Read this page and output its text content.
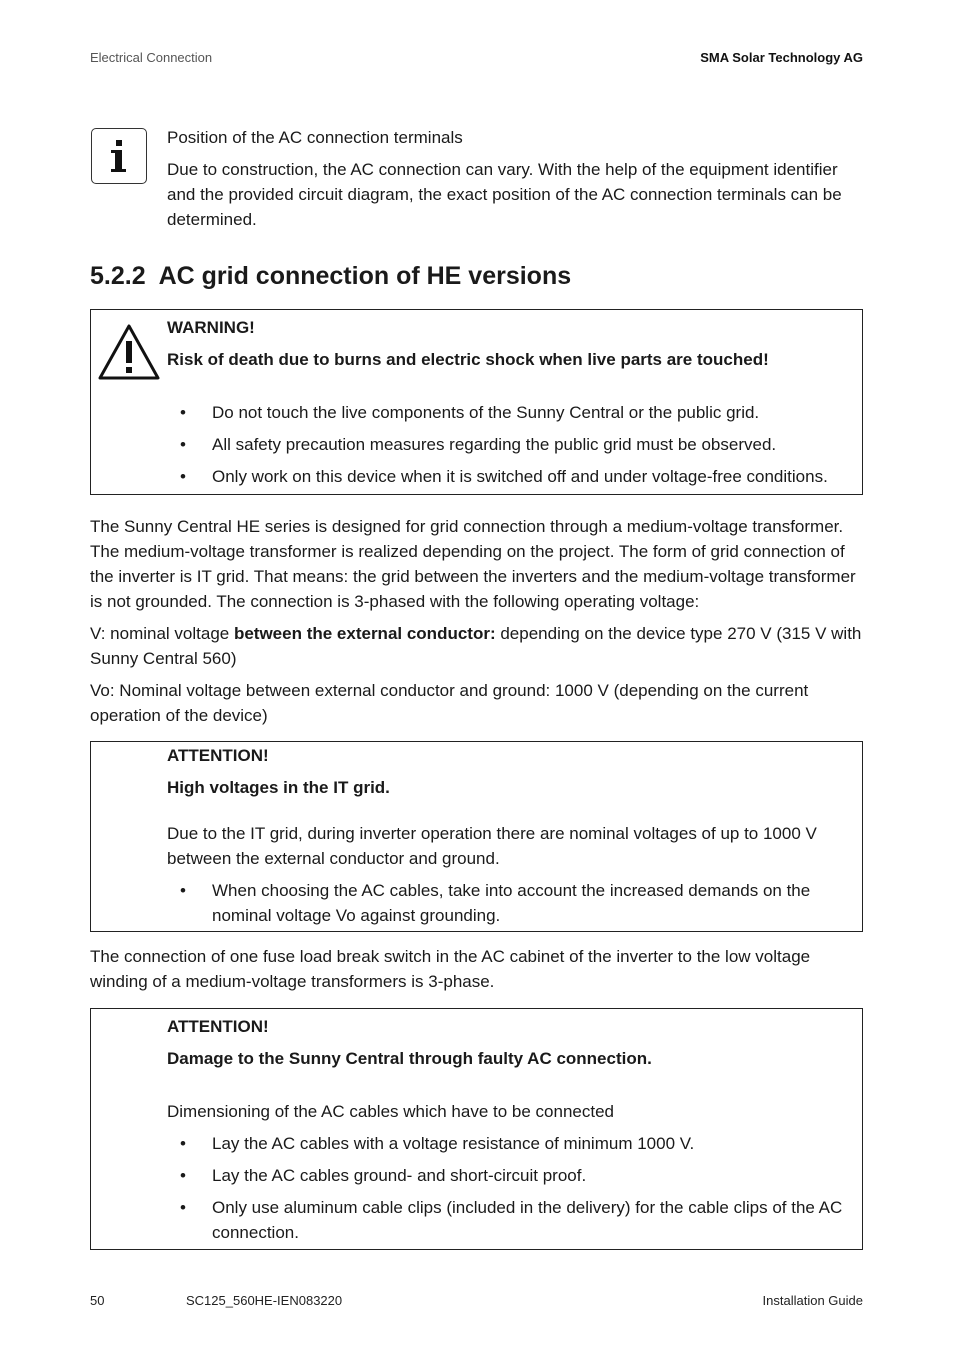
Electrical Connection	SMA Solar Technology AG
Position of the AC connection terminals
Due to construction, the AC connection can vary. With the help of the equipment identifier and the provided circuit diagram, the exact position of the AC connection terminals can be determined.
5.2.2  AC grid connection of HE versions
WARNING!
Risk of death due to burns and electric shock when live parts are touched!
• Do not touch the live components of the Sunny Central or the public grid.
• All safety precaution measures regarding the public grid must be observed.
• Only work on this device when it is switched off and under voltage-free conditions.
The Sunny Central HE series is designed for grid connection through a medium-voltage transformer. The medium-voltage transformer is realized depending on the project. The form of grid connection of the inverter is IT grid. That means: the grid between the inverters and the medium-voltage transformer is not grounded. The connection is 3-phased with the following operating voltage:
V: nominal voltage between the external conductor: depending on the device type 270 V (315 V with Sunny Central 560)
Vo: Nominal voltage between external conductor and ground: 1000 V (depending on the current operation of the device)
ATTENTION!
High voltages in the IT grid.
Due to the IT grid, during inverter operation there are nominal voltages of up to 1000 V between the external conductor and ground.
• When choosing the AC cables, take into account the increased demands on the nominal voltage Vo against grounding.
The connection of one fuse load break switch in the AC cabinet of the inverter to the low voltage winding of a medium-voltage transformers is 3-phase.
ATTENTION!
Damage to the Sunny Central through faulty AC connection.
Dimensioning of the AC cables which have to be connected
• Lay the AC cables with a voltage resistance of minimum 1000 V.
• Lay the AC cables ground- and short-circuit proof.
• Only use aluminum cable clips (included in the delivery) for the cable clips of the AC connection.
50	SC125_560HE-IEN083220	Installation Guide
